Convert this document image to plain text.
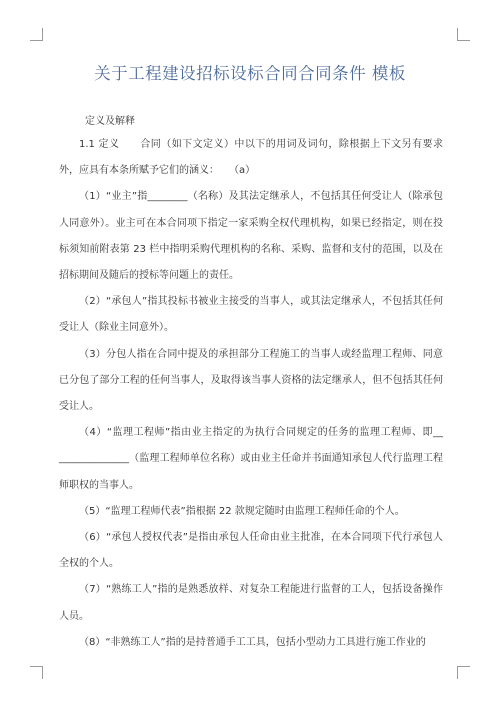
关于工程建设招标设标合同合同条件 模板
定义及解释

1.1 定义　　合同（如下文定义）中以下的用词及词句，除根据上下文另有要求外，应具有本条所赋予它们的涵义：　　（a）

（1）“业主”指________（名称）及其法定继承人，不包括其任何受让人（除承包人同意外）。业主可在本合同项下指定一家采购全权代理机构，如果已经指定，则在投标须知前附表第 23 栏中指明采购代理机构的名称、采购、监督和支付的范围，以及在招标期间及随后的授标等问题上的责任。

（2）“承包人”指其投标书被业主接受的当事人，或其法定继承人，不包括其任何受让人（除业主同意外）。

（3）分包人指在合同中提及的承担部分工程施工的当事人或经监理工程师、同意已分包了部分工程的任何当事人，及取得该当事人资格的法定继承人，但不包括其任何受让人。

（4）“监理工程师”指由业主指定的为执行合同规定的任务的监理工程师、即__ ______________（监理工程师单位名称）或由业主任命并书面通知承包人代行监理工程师职权的当事人。

（5）“监理工程师代表”指根据 22 款规定随时由监理工程师任命的个人。

（6）“承包人授权代表”是指由承包人任命由业主批准，在本合同项下代行承包人全权的个人。

（7）“熟练工人”指的是熟悉放样、对复杂工程能进行监督的工人，包括设备操作人员。

（8）“非熟练工人”指的是持普通手工工具，包括小型动力工具进行施工作业的
